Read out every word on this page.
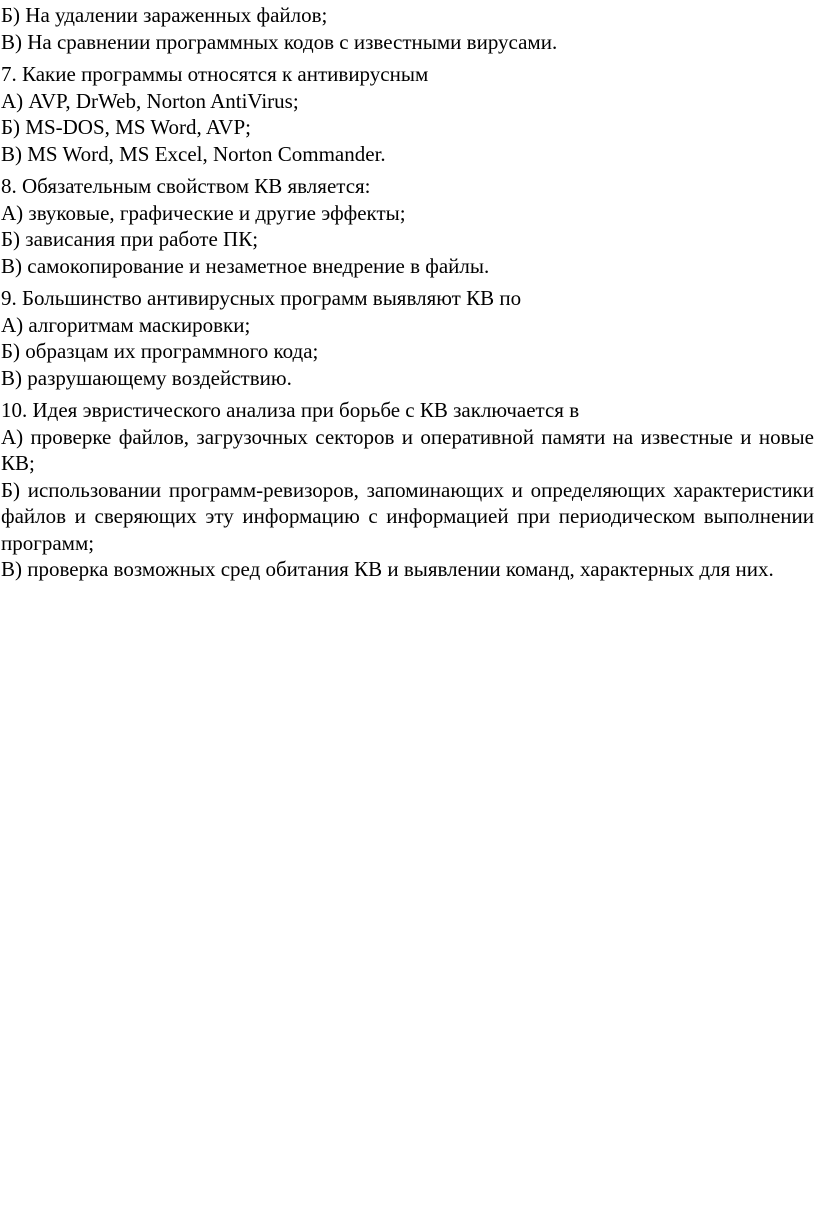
Б) На удалении зараженных файлов;
В) На сравнении программных кодов с известными вирусами.
7. Какие программы относятся к антивирусным
А) AVP, DrWeb, Norton AntiVirus;
Б) MS-DOS, MS Word, AVP;
В) MS Word, MS Excel, Norton Commander.
8. Обязательным свойством КВ является:
А) звуковые, графические и другие эффекты;
Б) зависания при работе ПК;
В) самокопирование и незаметное внедрение в файлы.
9. Большинство антивирусных программ выявляют КВ по
А) алгоритмам маскировки;
Б) образцам их программного кода;
В) разрушающему воздействию.
10. Идея эвристического анализа при борьбе с КВ заключается в
А) проверке файлов, загрузочных секторов и оперативной памяти на известные и новые КВ;
Б) использовании программ-ревизоров, запоминающих и определяющих характеристики файлов и сверяющих эту информацию с информацией при периодическом выполнении программ;
В) проверка возможных сред обитания КВ и выявлении команд, характерных для них.
